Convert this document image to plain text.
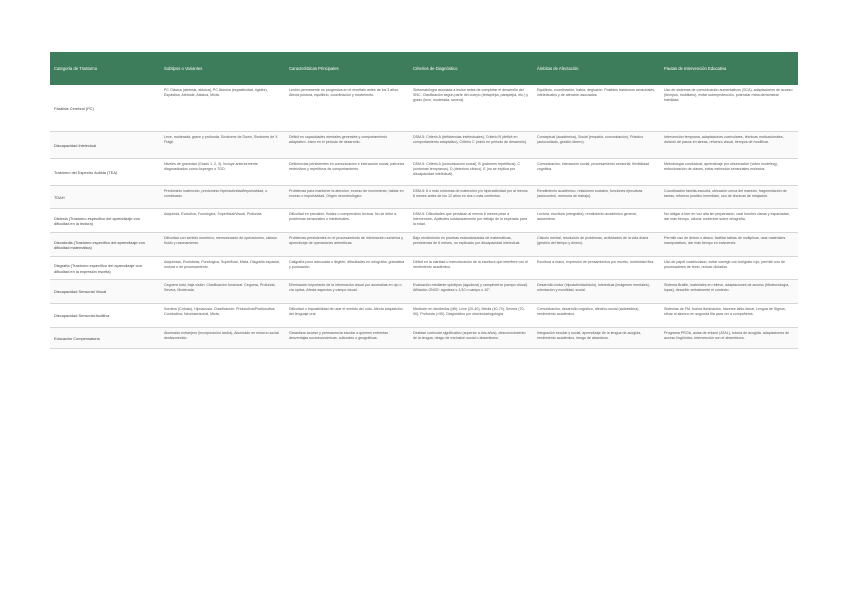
Categoría de Trastorno	Subtipos o Variantes	Características Principales	Criterios de Diagnóstico	Ámbitos de Afectación	Pautas de Intervención Educativa
Parálisis Cerebral (PC)	PC Clásica (atetosis, atáxica), PC Atónica (espasticidad, rigidez), Espástica, Atetoide, Atáxica, Mixta.	Lesión permanente no progresiva en el encéfalo antes de los 3 años. Afecta postura, equilibrio, coordinación y movimiento.	Sintomatología asociada a lesión antes de completar el desarrollo del SNC. Clasificación según parte del cuerpo (tetraplejía, paraplejía, etc.) y grado (leve, moderada, severa).	Equilibrio, coordinación, habla, deglución. Posibles trastornos sensoriales, intelectuales y de atención asociados.	Uso de sistemas de comunicación aumentativos (SCA), adaptaciones de acceso (tiempos, mobiliario), evitar sobreprotección, potenciar meta-demonstrar habilidad.
Discapacidad Intelectual	Leve, moderada, grave y profunda. Síndrome de Down, Síndrome de X Frágil.	Déficit en capacidades mentales generales y comportamiento adaptativo. Inicio en el periodo de desarrollo.	DSM-5: Criterio A (deficiencias intelectuales), Criterio B (déficit en comportamiento adaptativo), Criterio C (inicio en periodo de desarrollo).	Conceptual (académica), Social (empatía, comunicación), Práctico (autocuidado, gestión dinero).	Intervención temprana, adaptaciones curriculares, técnicas motivacionales, división de pasos en tareas, refuerzo visual, tiempos de modificar.
Trastorno del Espectro Autista (TEA)	Niveles de gravedad (Grado 1, 2, 3). Incluye anteriormente diagnosticados como Asperger o TGD.	Deficiencias persistentes en comunicación e interacción social, patrones restrictivos y repetitivos de comportamiento.	DSM-5: Criterio A (comunicación social), B (patrones repetitivos), C (síntomas tempranos), D (deterioro clínico), E (no se explica por discapacidad intelectual).	Comunicación, interacción social, procesamiento sensorial, flexibilidad cognitiva.	Metodología conductual, aprendizaje por observación (video modeling), estructuración de clases, evitar estímulos sensoriales molestos.
TDAH	Predominio inatención, predominio hiperactividad/impulsividad, o combinado.	Problemas para mantener la atención, exceso de movimiento, hablar en exceso o impulsividad. Origen neurobiológico.	DSM-5: 6 o más síntomas de inatención y/o hiperactividad por al menos 6 meses antes de los 12 años en dos o más contextos.	Rendimiento académico, relaciones sociales, funciones ejecutivas (autocontrol, memoria de trabajo).	Coordinación familia-escuela, ubicación cerca del maestro, fragmentación de tareas, refuerzo positivo inmediato, uso de técnicas de relajación.
Dislexia (Trastorno específico del aprendizaje con dificultad en la lectura)	Adquirida, Evolutiva, Fonológica, Superficial/Visual, Profunda.	Dificultad en precisión, fluidez o comprensión lectora. No se debe a problemas sensoriales o intelectuales.	DSM-5: Dificultades que persistan al menos 6 meses pese a intervención. Aptitudes sustancialmente por debajo de lo esperado para la edad.	Lectura, escritura (ortografía), rendimiento académico general, autoestima.	No obligar a leer en voz alta sin preparación, usar fuentes claras y espaciadas, dar más tiempo, valorar contenido sobre ortografía.
Discalculia (Trastorno específico del aprendizaje con dificultad matemática)	Dificultad con sentido numérico, memorización de operaciones, cálculo fluido y razonamiento.	Problemas persistentes en el procesamiento de información numérica y aprendizaje de operaciones aritméticas.	Bajo rendimiento en pruebas estandarizadas de matemáticas, persistencia de 6 meses, no explicado por discapacidad intelectual.	Cálculo mental, resolución de problemas, actividades de la vida diaria (gestión del tiempo y dinero).	Permitir uso de dedos o ábaco, facilitar tablas de multiplicar, usar materiales manipulativos, dar más tiempo en exámenes.
Disgrafía (Trastorno específico del aprendizaje con dificultad en la expresión escrita)	Adquiridas, Evolutivas, Fonológica, Superficial, Mixta. Disgrafía espacial, motora o de procesamiento.	Caligrafía poco adecuada o ilegible, dificultades en ortografía, gramática y puntuación.	Déficit en la claridad u estructuración de la escritura que interfiere con el rendimiento académico.	Escritura a mano, expresión de pensamientos por escrito, motricidad fina.	Uso de papel cuadriculado, evitar corregir con bolígrafo rojo, permitir uso de procesadores de texto, reducir dictados.
Discapacidad Sensorial Visual	Ceguera total, baja visión. Clasificación funcional: Ceguera, Profunda, Severa, Moderada.	Eliminación importante de la información visual por anomalías en ojo o vía óptica. Afecta aspectos y campo visual.	Evaluación mediante optotipos (agudeza) y campimetría (campo visual). Afiliación ONCE: agudeza ≤ 1/10 o campo ≤ 10°.	Desarrollo motor (hipoactividad/ciclo), intelectual (imágenes mentales), orientación y movilidad, social.	Sistema Braille, materiales en relieve, adaptaciones de acceso (tiflotecnología, lupas), describir verbalmente el contexto.
Discapacidad Sensorial Auditiva	Sordera (Cofosis), Hipoacusia. Clasificación: Prelocutiva/Postlocutiva; Conductiva, Neurosensorial, Mixta.	Dificultad o imposibilidad de usar el sentido del oído. Afecta adquisición del lenguaje oral.	Medición en decibelios (dB): Leve (20-40), Media (40-70), Severa (70-90), Profunda (>90). Diagnóstico por otorrinolaringología.	Comunicación, desarrollo cognitivo, afectivo-social (autoestima), rendimiento académico.	Sistemas de FM, buena iluminación, hacerse labio-facial, Lengua de Signos, situar al alumno en segunda fila para ver a compañeros.
Educación Compensatoria	Alumnado extranjero (incorporación tardía), Alumnado en entorno social desfavorecido.	Garantizar acceso y permanencia escolar a quienes enfrentan desventajas socioeconómicas, culturales o geográficas.	Desfase curricular significativo (superior a dos años), desconocimiento de la lengua, riesgo de exclusión social o absentismo.	Integración escolar y social, aprendizaje de la lengua de acogida, rendimiento académico, riesgo de abandono.	Programa PROA, aulas de enlace (ATAL), tutoría de acogida, adaptaciones de acceso lingüístico, intervención con el absentismo.
